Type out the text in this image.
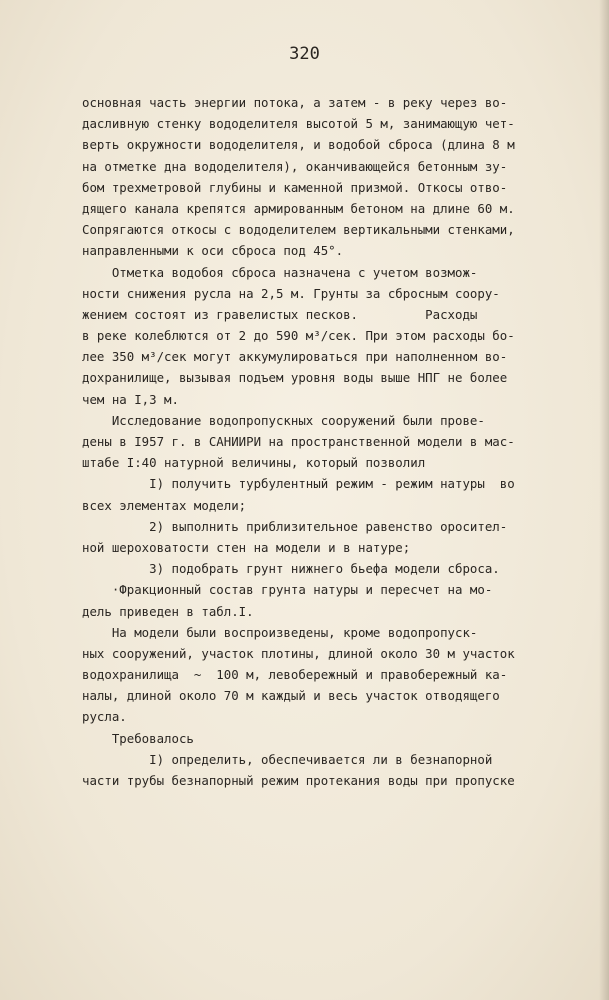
320
основная часть энергии потока, а затем - в реку через во-
дасливную стенку вододелителя высотой 5 м, занимающую чет-
верть окружности вододелителя, и водобой сброса (длина 8 м
на отметке дна вододелителя), оканчивающейся бетонным зу-
бом трехметровой глубины и каменной призмой. Откосы отво-
дящего канала крепятся армированным бетоном на длине 60 м.
Сопрягаются откосы с вододелителем вертикальными стенками,
направленными к оси сброса под 45°.
Отметка водобоя сброса назначена с учетом возмож-
ности снижения русла на 2,5 м. Грунты за сбросным соору-
жением состоят из гравелистых песков.         Расходы
в реке колеблются от 2 до 590 м³/сек. При этом расходы бо-
лее 350 м³/сек могут аккумулироваться при наполненном во-
дохранилище, вызывая подъем уровня воды выше НПГ не более
чем на I,3 м.
Исследование водопропускных сооружений были прове-
дены в I957 г. в САНИИРИ на пространственной модели в мас-
штабе I:40 натурной величины, который позволил
I) получить турбулентный режим - режим натуры  во
всех элементах модели;
2) выполнить приблизительное равенство оросител-
ной шероховатости стен на модели и в натуре;
3) подобрать грунт нижнего бьефа модели сброса.
·Фракционный состав грунта натуры и пересчет на мо-
дель приведен в табл.I.
На модели были воспроизведены, кроме водопропуск-
ных сооружений, участок плотины, длиной около 30 м участок
водохранилища  ~  100 м, левобережный и правобережный ка-
налы, длиной около 70 м каждый и весь участок отводящего
русла.
Требовалось
I) определить, обеспечивается ли в безнапорной
части трубы безнапорный режим протекания воды при пропуске
